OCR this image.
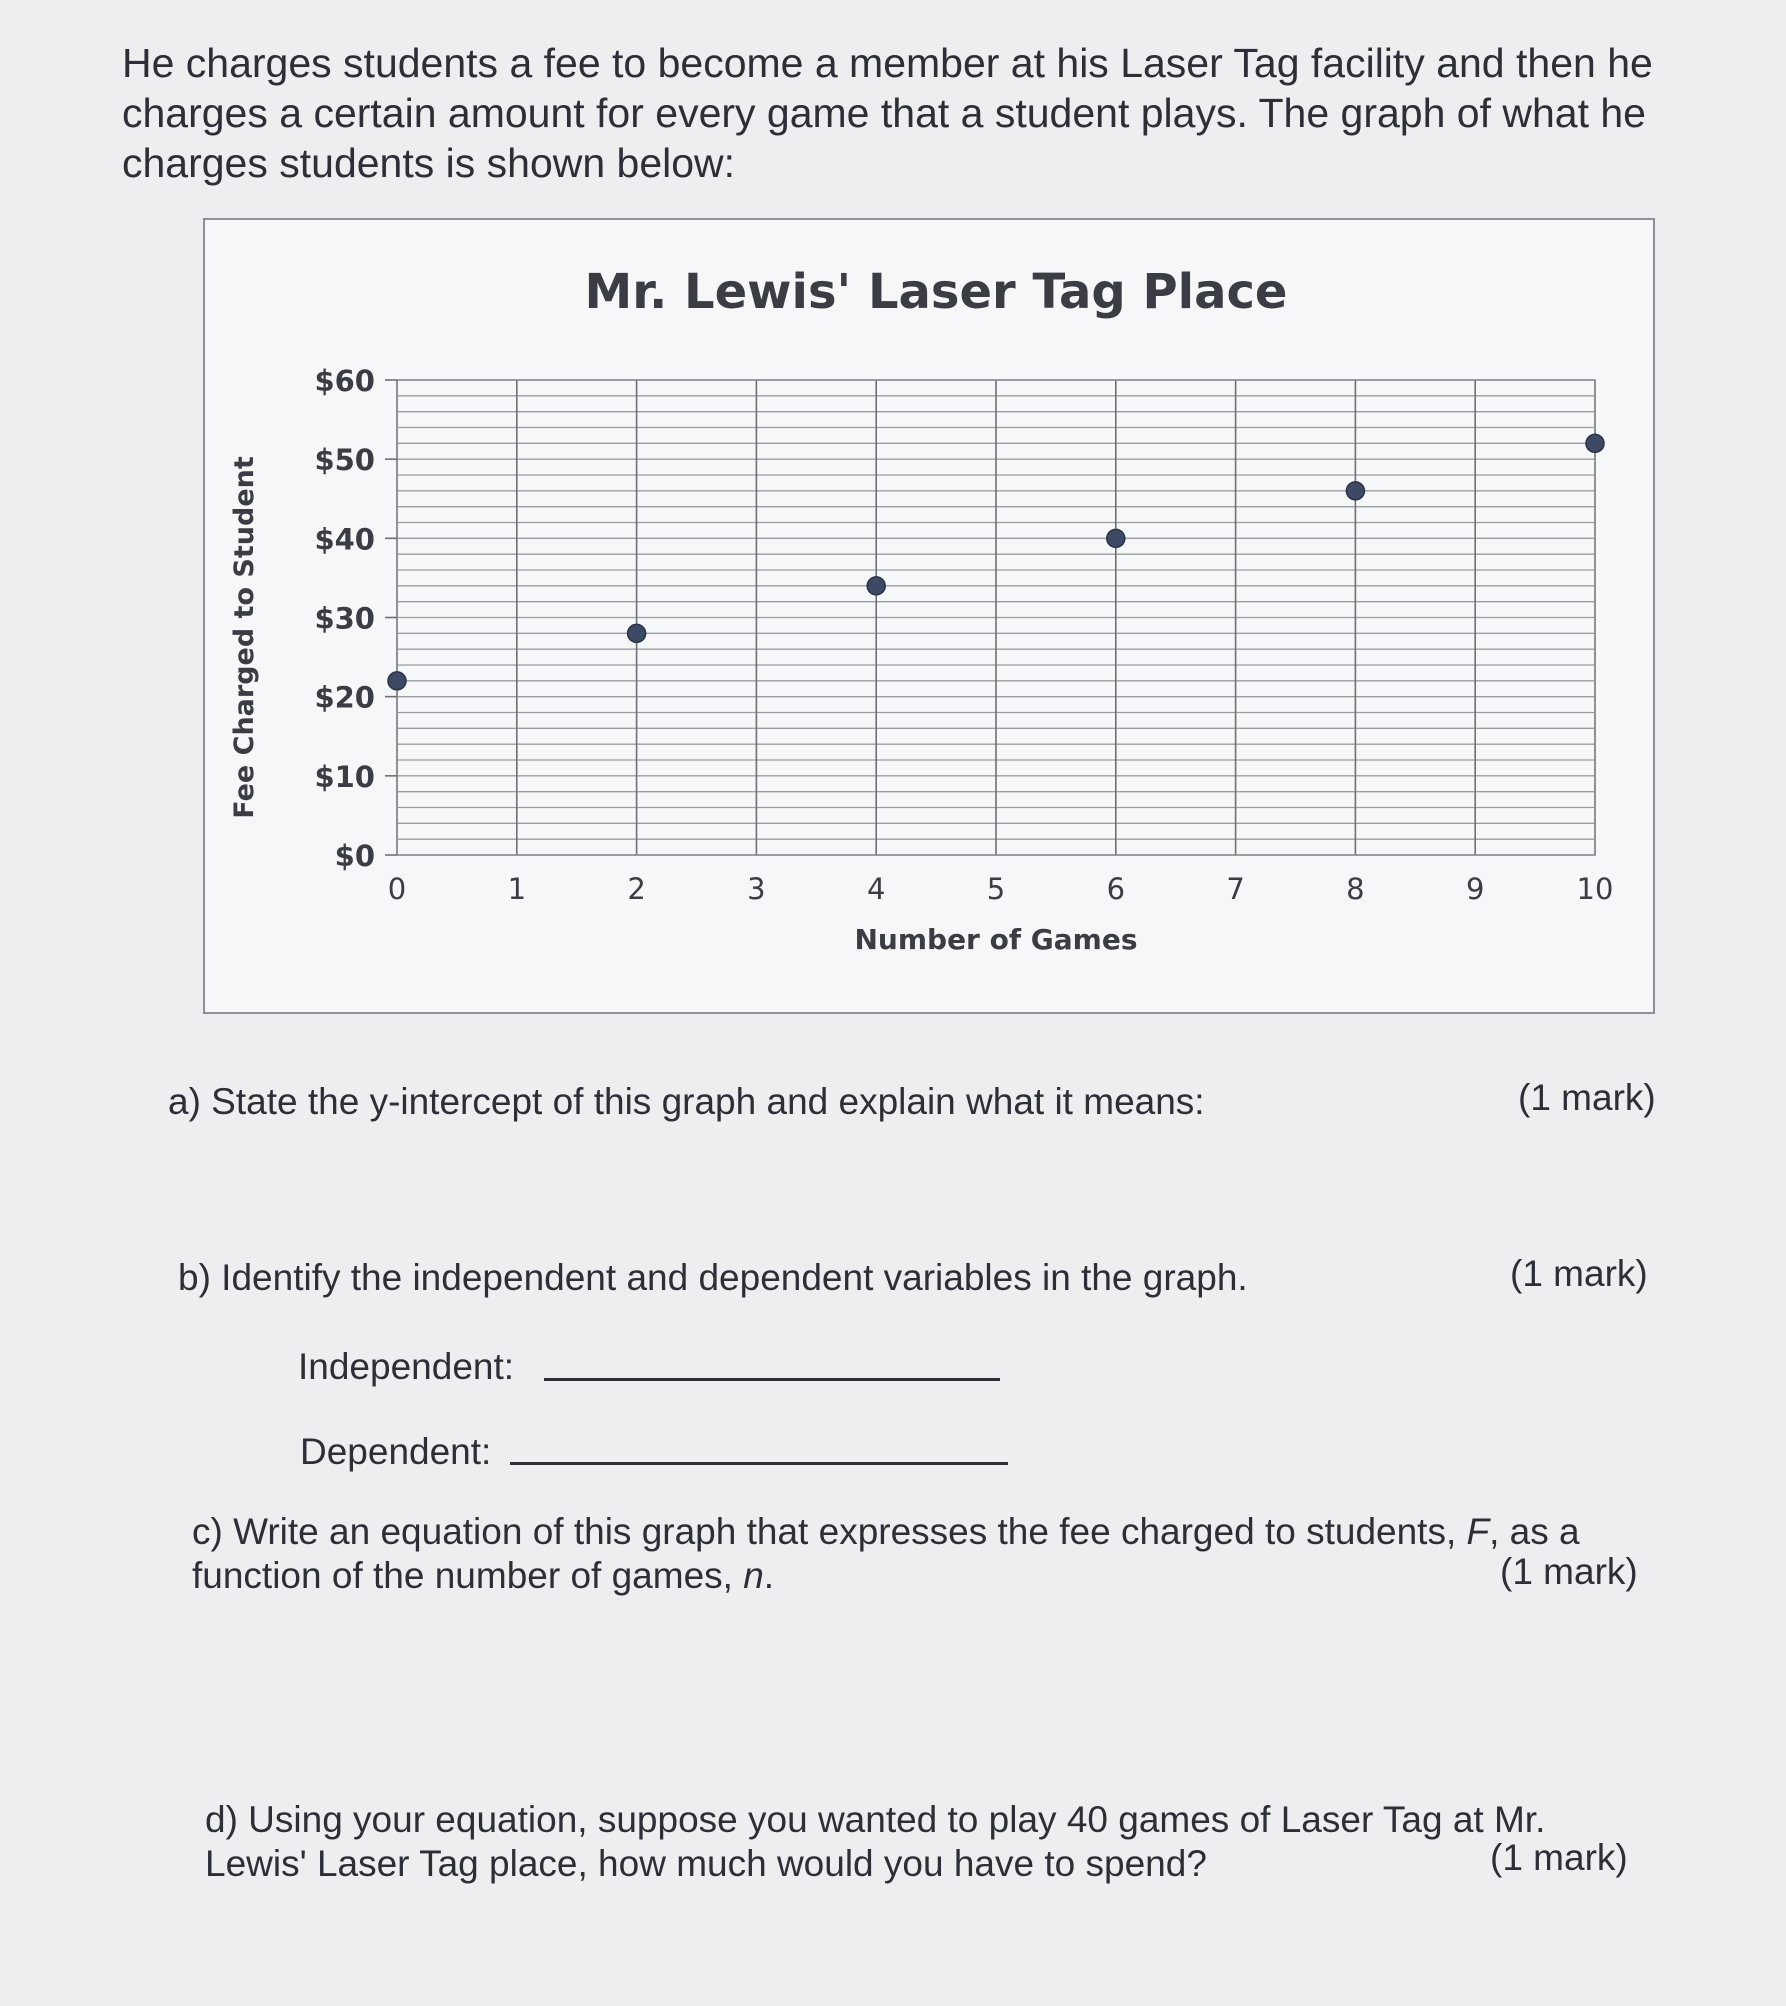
He charges students a fee to become a member at his Laser Tag facility and then he charges a certain amount for every game that a student plays. The graph of what he charges students is shown below:

Mr. Lewis' Laser Tag Place
$0
$10
$20
$30
$40
$50
$60
0	1	2	3	4	5	6	7	8	9	10
Number of Games
Fee Charged to Student

a) State the y-intercept of this graph and explain what it means:	(1 mark)

b) Identify the independent and dependent variables in the graph.	(1 mark)
Independent:
Dependent:

c) Write an equation of this graph that expresses the fee charged to students, F, as a function of the number of games, n.	(1 mark)

d) Using your equation, suppose you wanted to play 40 games of Laser Tag at Mr. Lewis' Laser Tag place, how much would you have to spend?	(1 mark)
